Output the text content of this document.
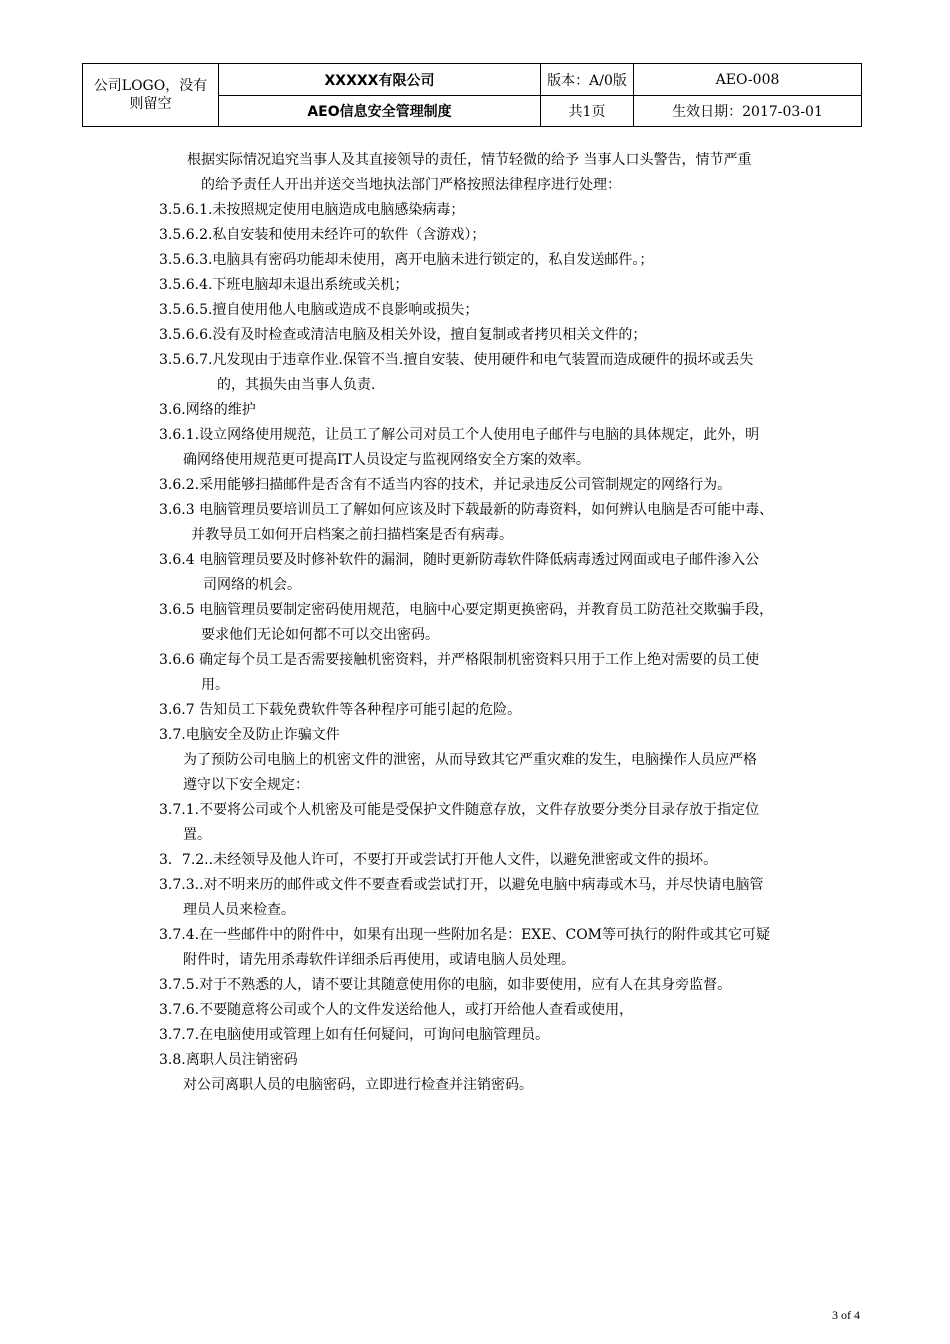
公司LOGO，没有
则留空	XXXXX有限公司	版本：A/0版	AEO-008
	AEO信息安全管理制度	共1页	生效日期：2017-03-01
根据实际情况追究当事人及其直接领导的责任，情节轻微的给予 当事人口头警告，情节严重
的给予责任人开出并送交当地执法部门严格按照法律程序进行处理：
3.5.6.1.未按照规定使用电脑造成电脑感染病毒；
3.5.6.2.私自安装和使用未经许可的软件（含游戏）；
3.5.6.3.电脑具有密码功能却未使用，离开电脑未进行锁定的，私自发送邮件。；
3.5.6.4.下班电脑却未退出系统或关机；
3.5.6.5.擅自使用他人电脑或造成不良影响或损失；
3.5.6.6.没有及时检查或清洁电脑及相关外设，擅自复制或者拷贝相关文件的；
3.5.6.7.凡发现由于违章作业.保管不当.擅自安装、使用硬件和电气装置而造成硬件的损坏或丢失
的，其损失由当事人负责.
3.6.网络的维护
3.6.1.设立网络使用规范，让员工了解公司对员工个人使用电子邮件与电脑的具体规定，此外，明
确网络使用规范更可提高IT人员设定与监视网络安全方案的效率。
3.6.2.采用能够扫描邮件是否含有不适当内容的技术，并记录违反公司管制规定的网络行为。
3.6.3 电脑管理员要培训员工了解如何应该及时下载最新的防毒资料，如何辨认电脑是否可能中毒、
并教导员工如何开启档案之前扫描档案是否有病毒。
3.6.4 电脑管理员要及时修补软件的漏洞，随时更新防毒软件降低病毒透过网面或电子邮件渗入公
司网络的机会。
3.6.5 电脑管理员要制定密码使用规范，电脑中心要定期更换密码，并教育员工防范社交欺骗手段，
要求他们无论如何都不可以交出密码。
3.6.6 确定每个员工是否需要接触机密资料，并严格限制机密资料只用于工作上绝对需要的员工使
用。
3.6.7 告知员工下载免费软件等各种程序可能引起的危险。
3.7.电脑安全及防止诈骗文件
为了预防公司电脑上的机密文件的泄密，从而导致其它严重灾难的发生，电脑操作人员应严格
遵守以下安全规定：
3.7.1.不要将公司或个人机密及可能是受保护文件随意存放，文件存放要分类分目录存放于指定位
置。
3．7.2..未经领导及他人许可，不要打开或尝试打开他人文件，以避免泄密或文件的损坏。
3.7.3..对不明来历的邮件或文件不要查看或尝试打开，以避免电脑中病毒或木马，并尽快请电脑管
理员人员来检查。
3.7.4.在一些邮件中的附件中，如果有出现一些附加名是：EXE、COM等可执行的附件或其它可疑
附件时，请先用杀毒软件详细杀后再使用，或请电脑人员处理。
3.7.5.对于不熟悉的人，请不要让其随意使用你的电脑，如非要使用，应有人在其身旁监督。
3.7.6.不要随意将公司或个人的文件发送给他人，或打开给他人查看或使用，
3.7.7.在电脑使用或管理上如有任何疑问，可询问电脑管理员。
3.8.离职人员注销密码
对公司离职人员的电脑密码，立即进行检查并注销密码。
3 of 4
